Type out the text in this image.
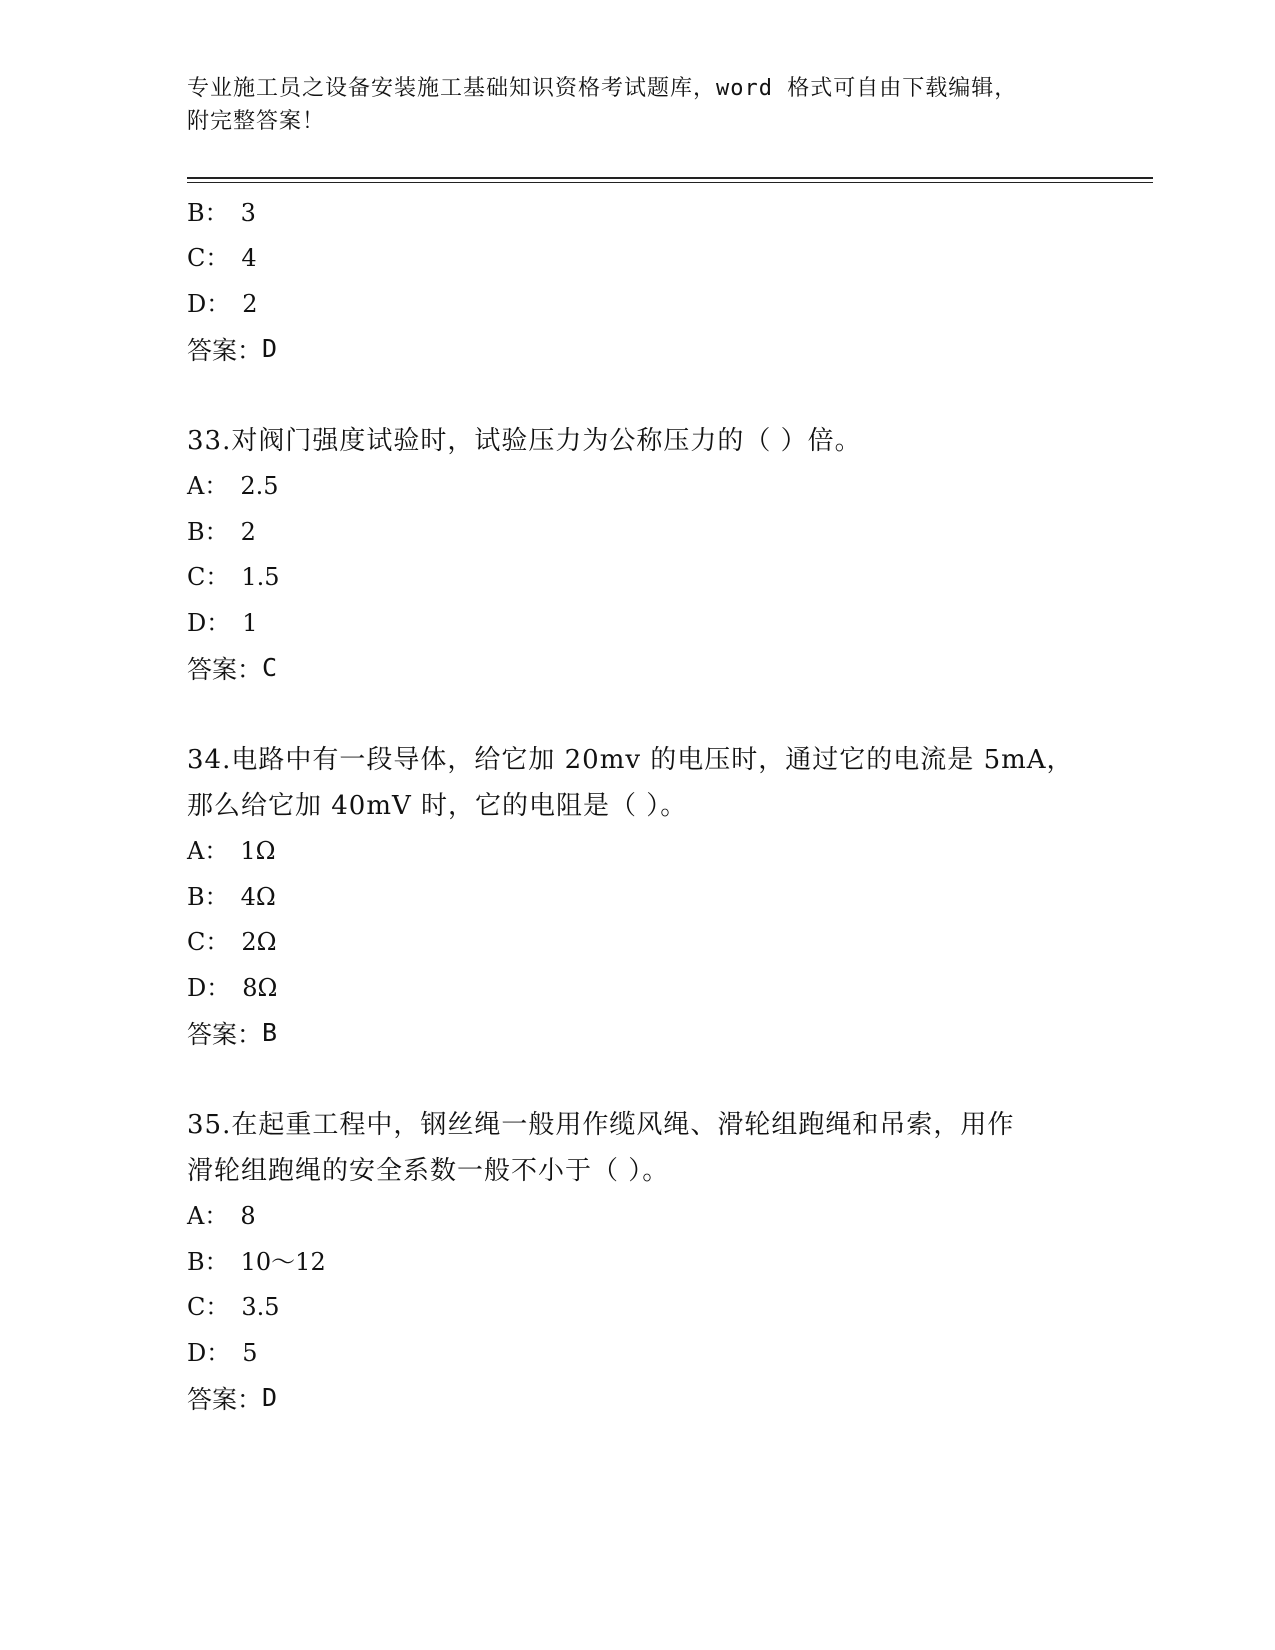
专业施工员之设备安装施工基础知识资格考试题库，word 格式可自由下载编辑，
附完整答案！

B ： 3

C ： 4

D ： 2

答案： D

33.对阀门强度试验时，试验压力为公称压力的（ ）倍。

A ： 2.5

B ： 2

C ： 1.5

D ： 1

答案： C

34.电路中有一段导体，给它加 20mv 的电压时，通过它的电流是 5mA，

那么给它加 40mV 时，它的电阻是（ ）。

A ： 1Ω

B ： 4Ω

C ： 2Ω

D ： 8Ω

答案： B

35.在起重工程中，钢丝绳一般用作缆风绳、滑轮组跑绳和吊索，用作

滑轮组跑绳的安全系数一般不小于（ ）。

A ： 8

B ： 10～12

C ： 3.5

D ： 5

答案： D
